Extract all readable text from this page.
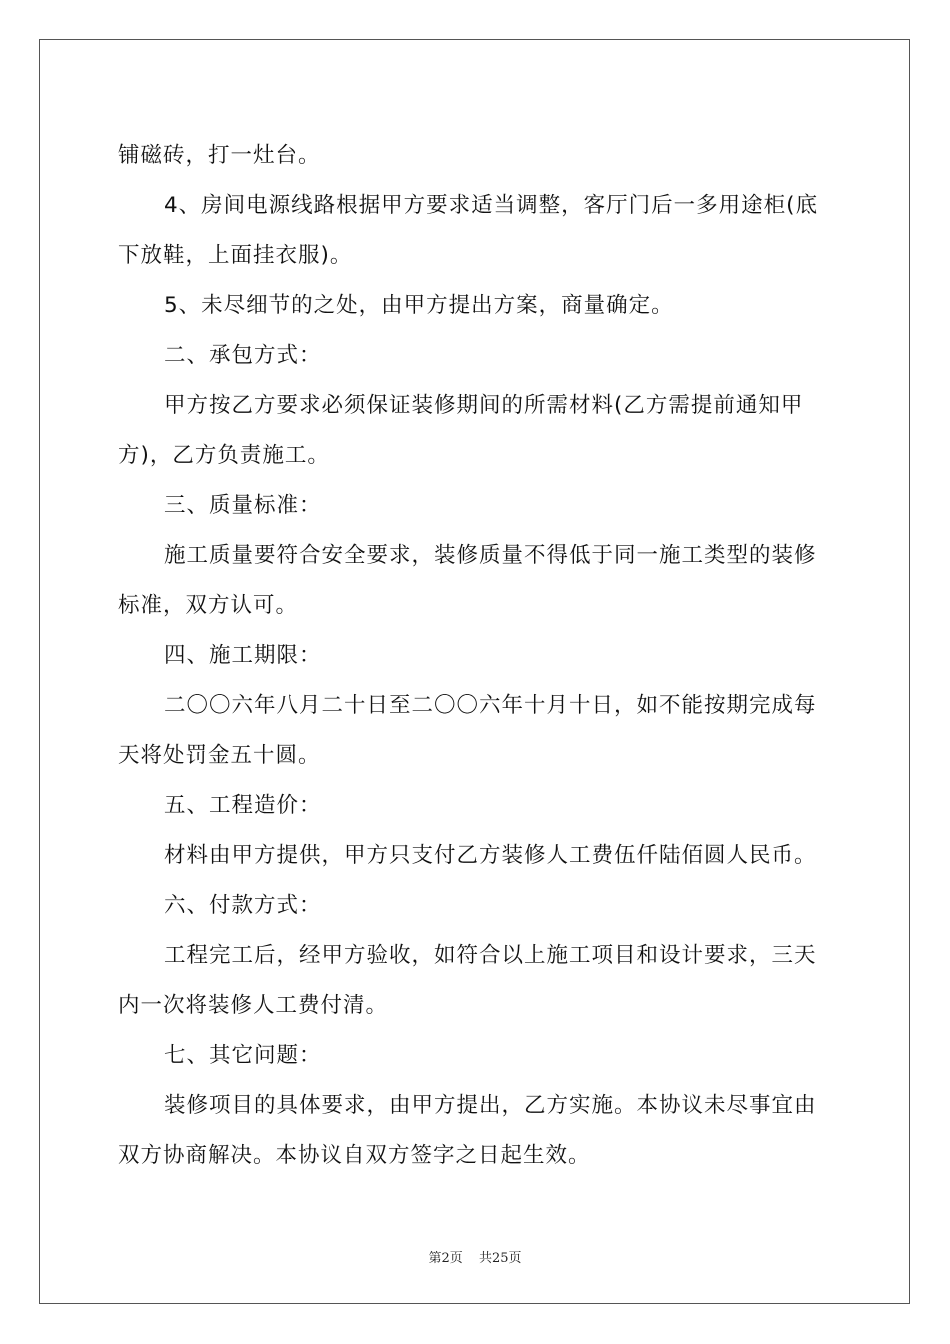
铺磁砖，打一灶台。

4、房间电源线路根据甲方要求适当调整，客厅门后一多用途柜(底下放鞋，上面挂衣服)。

5、未尽细节的之处，由甲方提出方案，商量确定。

二、承包方式：

甲方按乙方要求必须保证装修期间的所需材料(乙方需提前通知甲方)，乙方负责施工。

三、质量标准：

施工质量要符合安全要求，装修质量不得低于同一施工类型的装修标准，双方认可。

四、施工期限：

二〇〇六年八月二十日至二〇〇六年十月十日，如不能按期完成每天将处罚金五十圆。

五、工程造价：

材料由甲方提供，甲方只支付乙方装修人工费伍仟陆佰圆人民币。

六、付款方式：

工程完工后，经甲方验收，如符合以上施工项目和设计要求，三天内一次将装修人工费付清。

七、其它问题：

装修项目的具体要求，由甲方提出，乙方实施。本协议未尽事宜由双方协商解决。本协议自双方签字之日起生效。

第2页 共25页
